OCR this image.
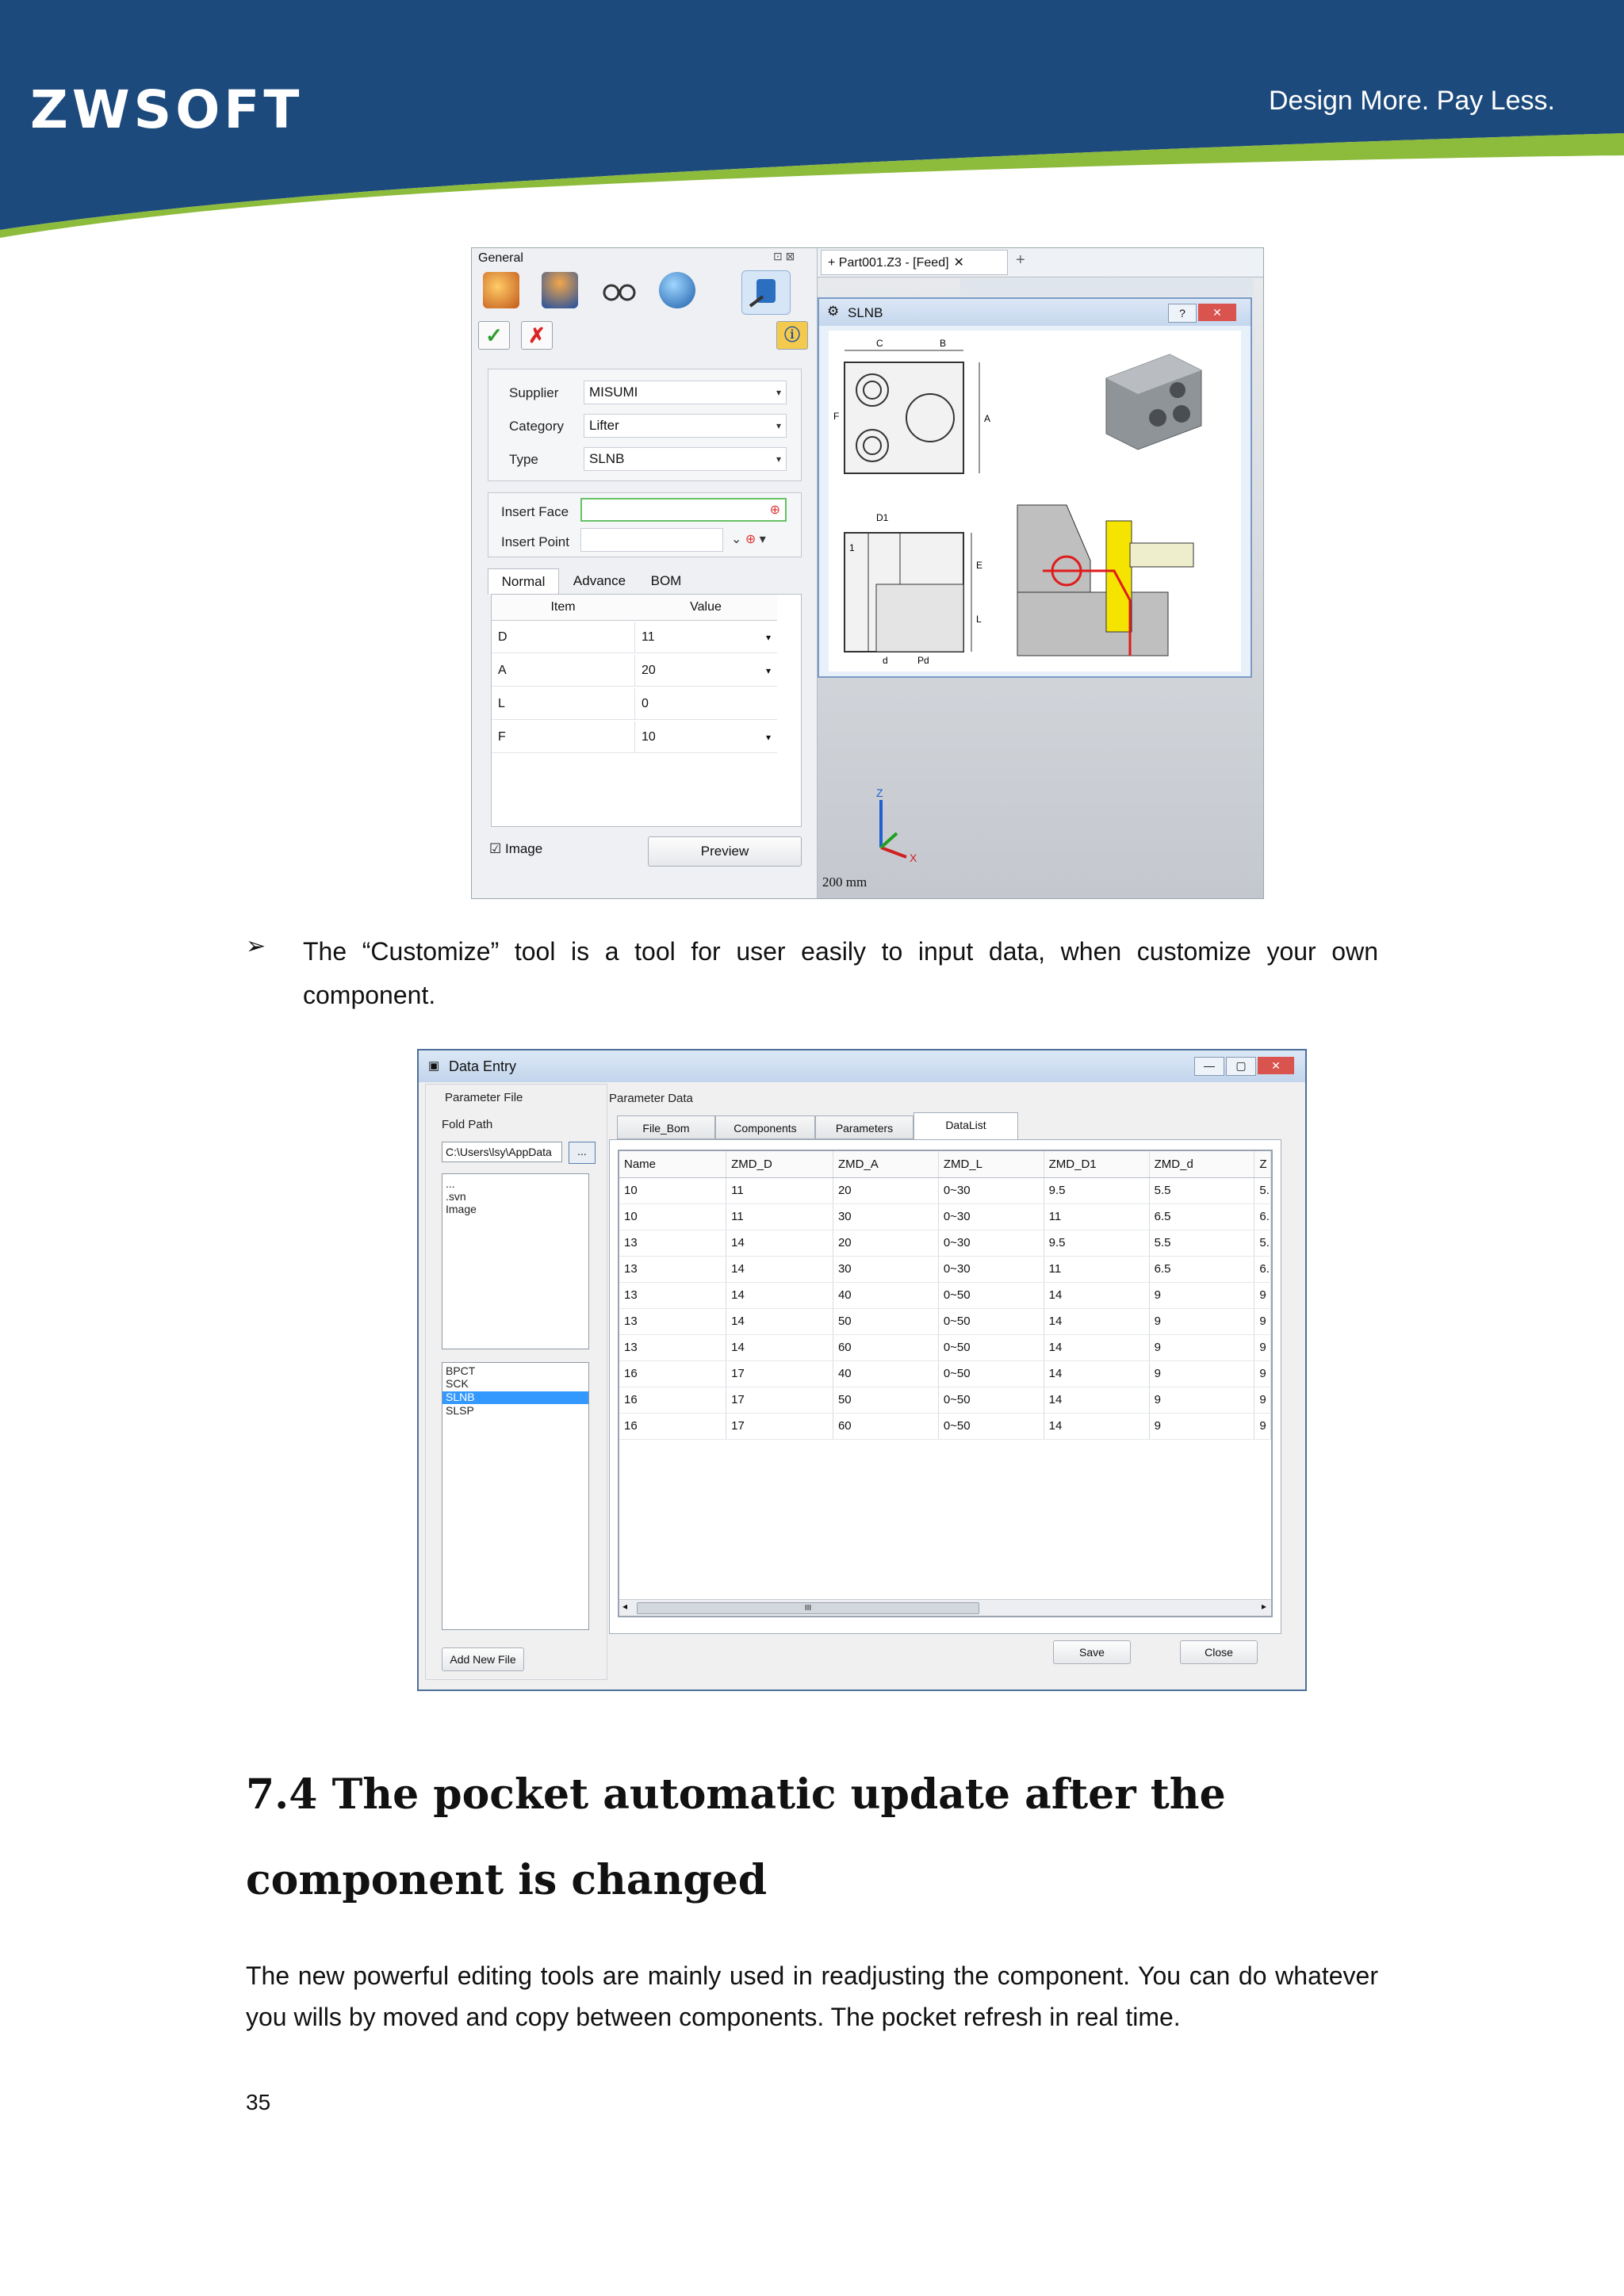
ZWSOFT	Design More. Pay Less.
General	⊡ ⊠
✓	✗	ⓘ
Supplier	MISUMI	▾
Category	Lifter	▾
Type	SLNB	▾
Insert Face	⊕
Insert Point	⌄ ⊕ ▾
Normal	Advance	BOM
Item	Value
D	11	▾
A	20	▾
L	0
F	10	▾
☑ Image	Preview
+ Part001.Z3 - [Feed] ✕	+
⚙ SLNB	?	✕
C	B
F	A
D1
E
L
d
1
Pd
Z
X
200 mm
➢ The “Customize” tool is a tool for user easily to input data, when customize your own component.
▣ Data Entry	—	▢	✕
Parameter File
Fold Path
C:\Users\lsy\AppData	...
...
.svn
Image
BPCT
SCK
SLNB
SLSP
Add New File
Parameter Data
File_Bom	Components	Parameters	DataList
Name	ZMD_D	ZMD_A	ZMD_L	ZMD_D1	ZMD_d	Z
10	11	20	0~30	9.5	5.5	5.
10	11	30	0~30	11	6.5	6.
13	14	20	0~30	9.5	5.5	5.
13	14	30	0~30	11	6.5	6.
13	14	40	0~50	14	9	9
13	14	50	0~50	14	9	9
13	14	60	0~50	14	9	9
16	17	40	0~50	14	9	9
16	17	50	0~50	14	9	9
16	17	60	0~50	14	9	9
◂	III	▸
Save	Close
7.4 The pocket automatic update after the component is changed
The new powerful editing tools are mainly used in readjusting the component. You can do whatever you wills by moved and copy between components. The pocket refresh in real time.
35
